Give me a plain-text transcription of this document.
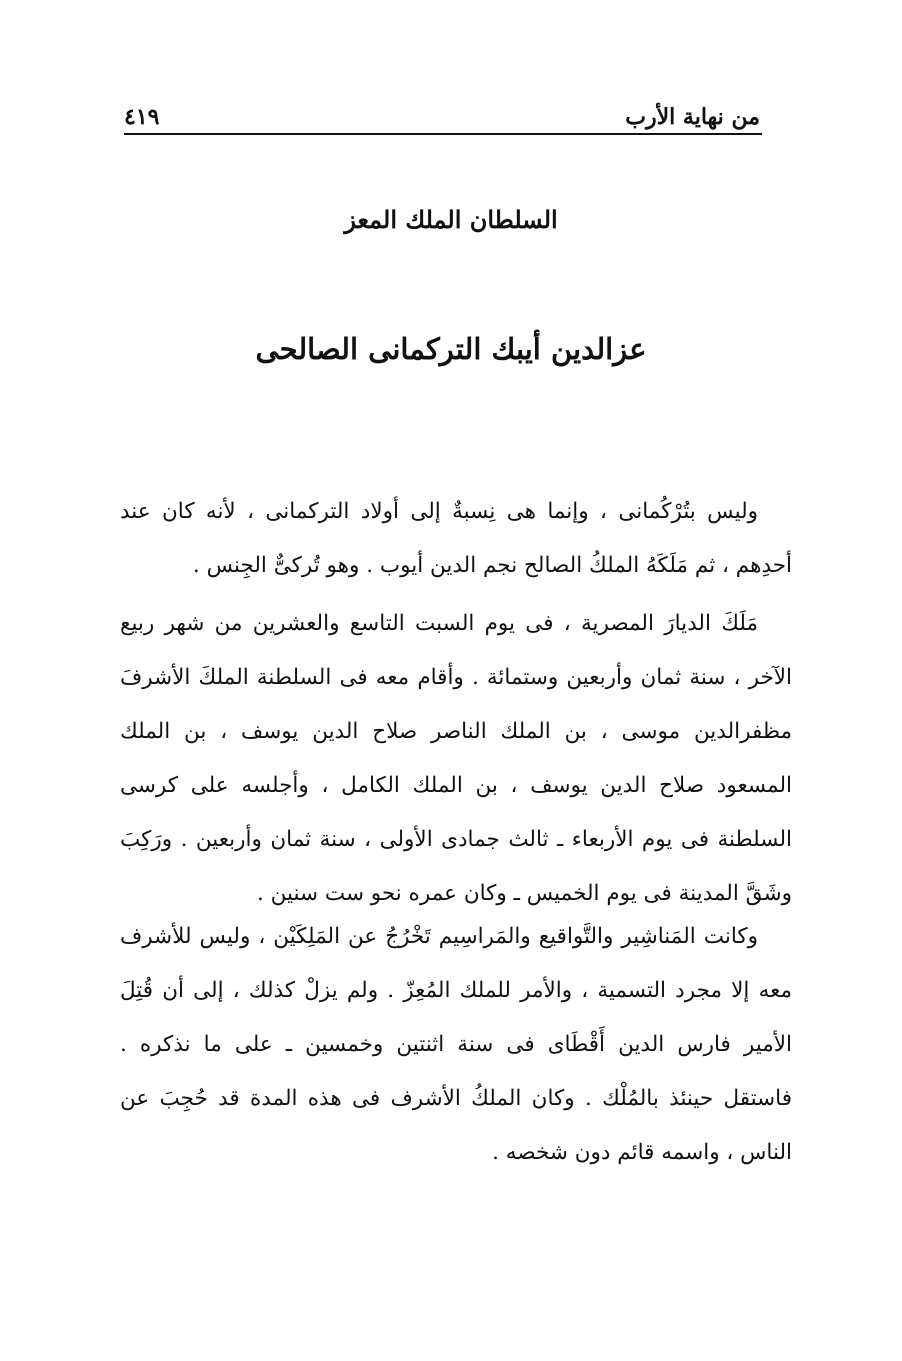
من نهاية الأرب
٤١٩
السلطان الملك المعز
عزالدين أيبك التركمانى الصالحى

وليس بتُرْكُمانى ، وإنما هى نِسبةٌ إلى أولاد التركمانى ، لأنه كان عند أحدِهم ، ثم مَلَكَهُ الملكُ الصالح نجم الدين أيوب . وهو تُركىٌّ الجِنس .

مَلَكَ الديارَ المصرية ، فى يوم السبت التاسع والعشرين من شهر ربيع الآخر ، سنة ثمان وأربعين وستمائة . وأقام معه فى السلطنة الملكَ الأشرفَ مظفرالدين موسى ، بن الملك الناصر صلاح الدين يوسف ، بن الملك المسعود صلاح الدين يوسف ، بن الملك الكامل ، وأجلسه على كرسى السلطنة فى يوم الأربعاء ـ ثالث جمادى الأولى ، سنة ثمان وأربعين . ورَكِبَ وشَقَّ المدينة فى يوم الخميس ـ وكان عمره نحو ست سنين .

وكانت المَناشِير والتَّواقيع والمَراسِيم تَخْرُجُ عن المَلِكَيْن ، وليس للأشرف معه إلا مجرد التسمية ، والأمر للملك المُعِزّ . ولم يزلْ كذلك ، إلى أن قُتِلَ الأمير فارس الدين أَقْطَاى فى سنة اثنتين وخمسين ـ على ما نذكره . فاستقل حينئذ بالمُلْك . وكان الملكُ الأشرف فى هذه المدة قد حُجِبَ عن الناس ، واسمه قائم دون شخصه .
